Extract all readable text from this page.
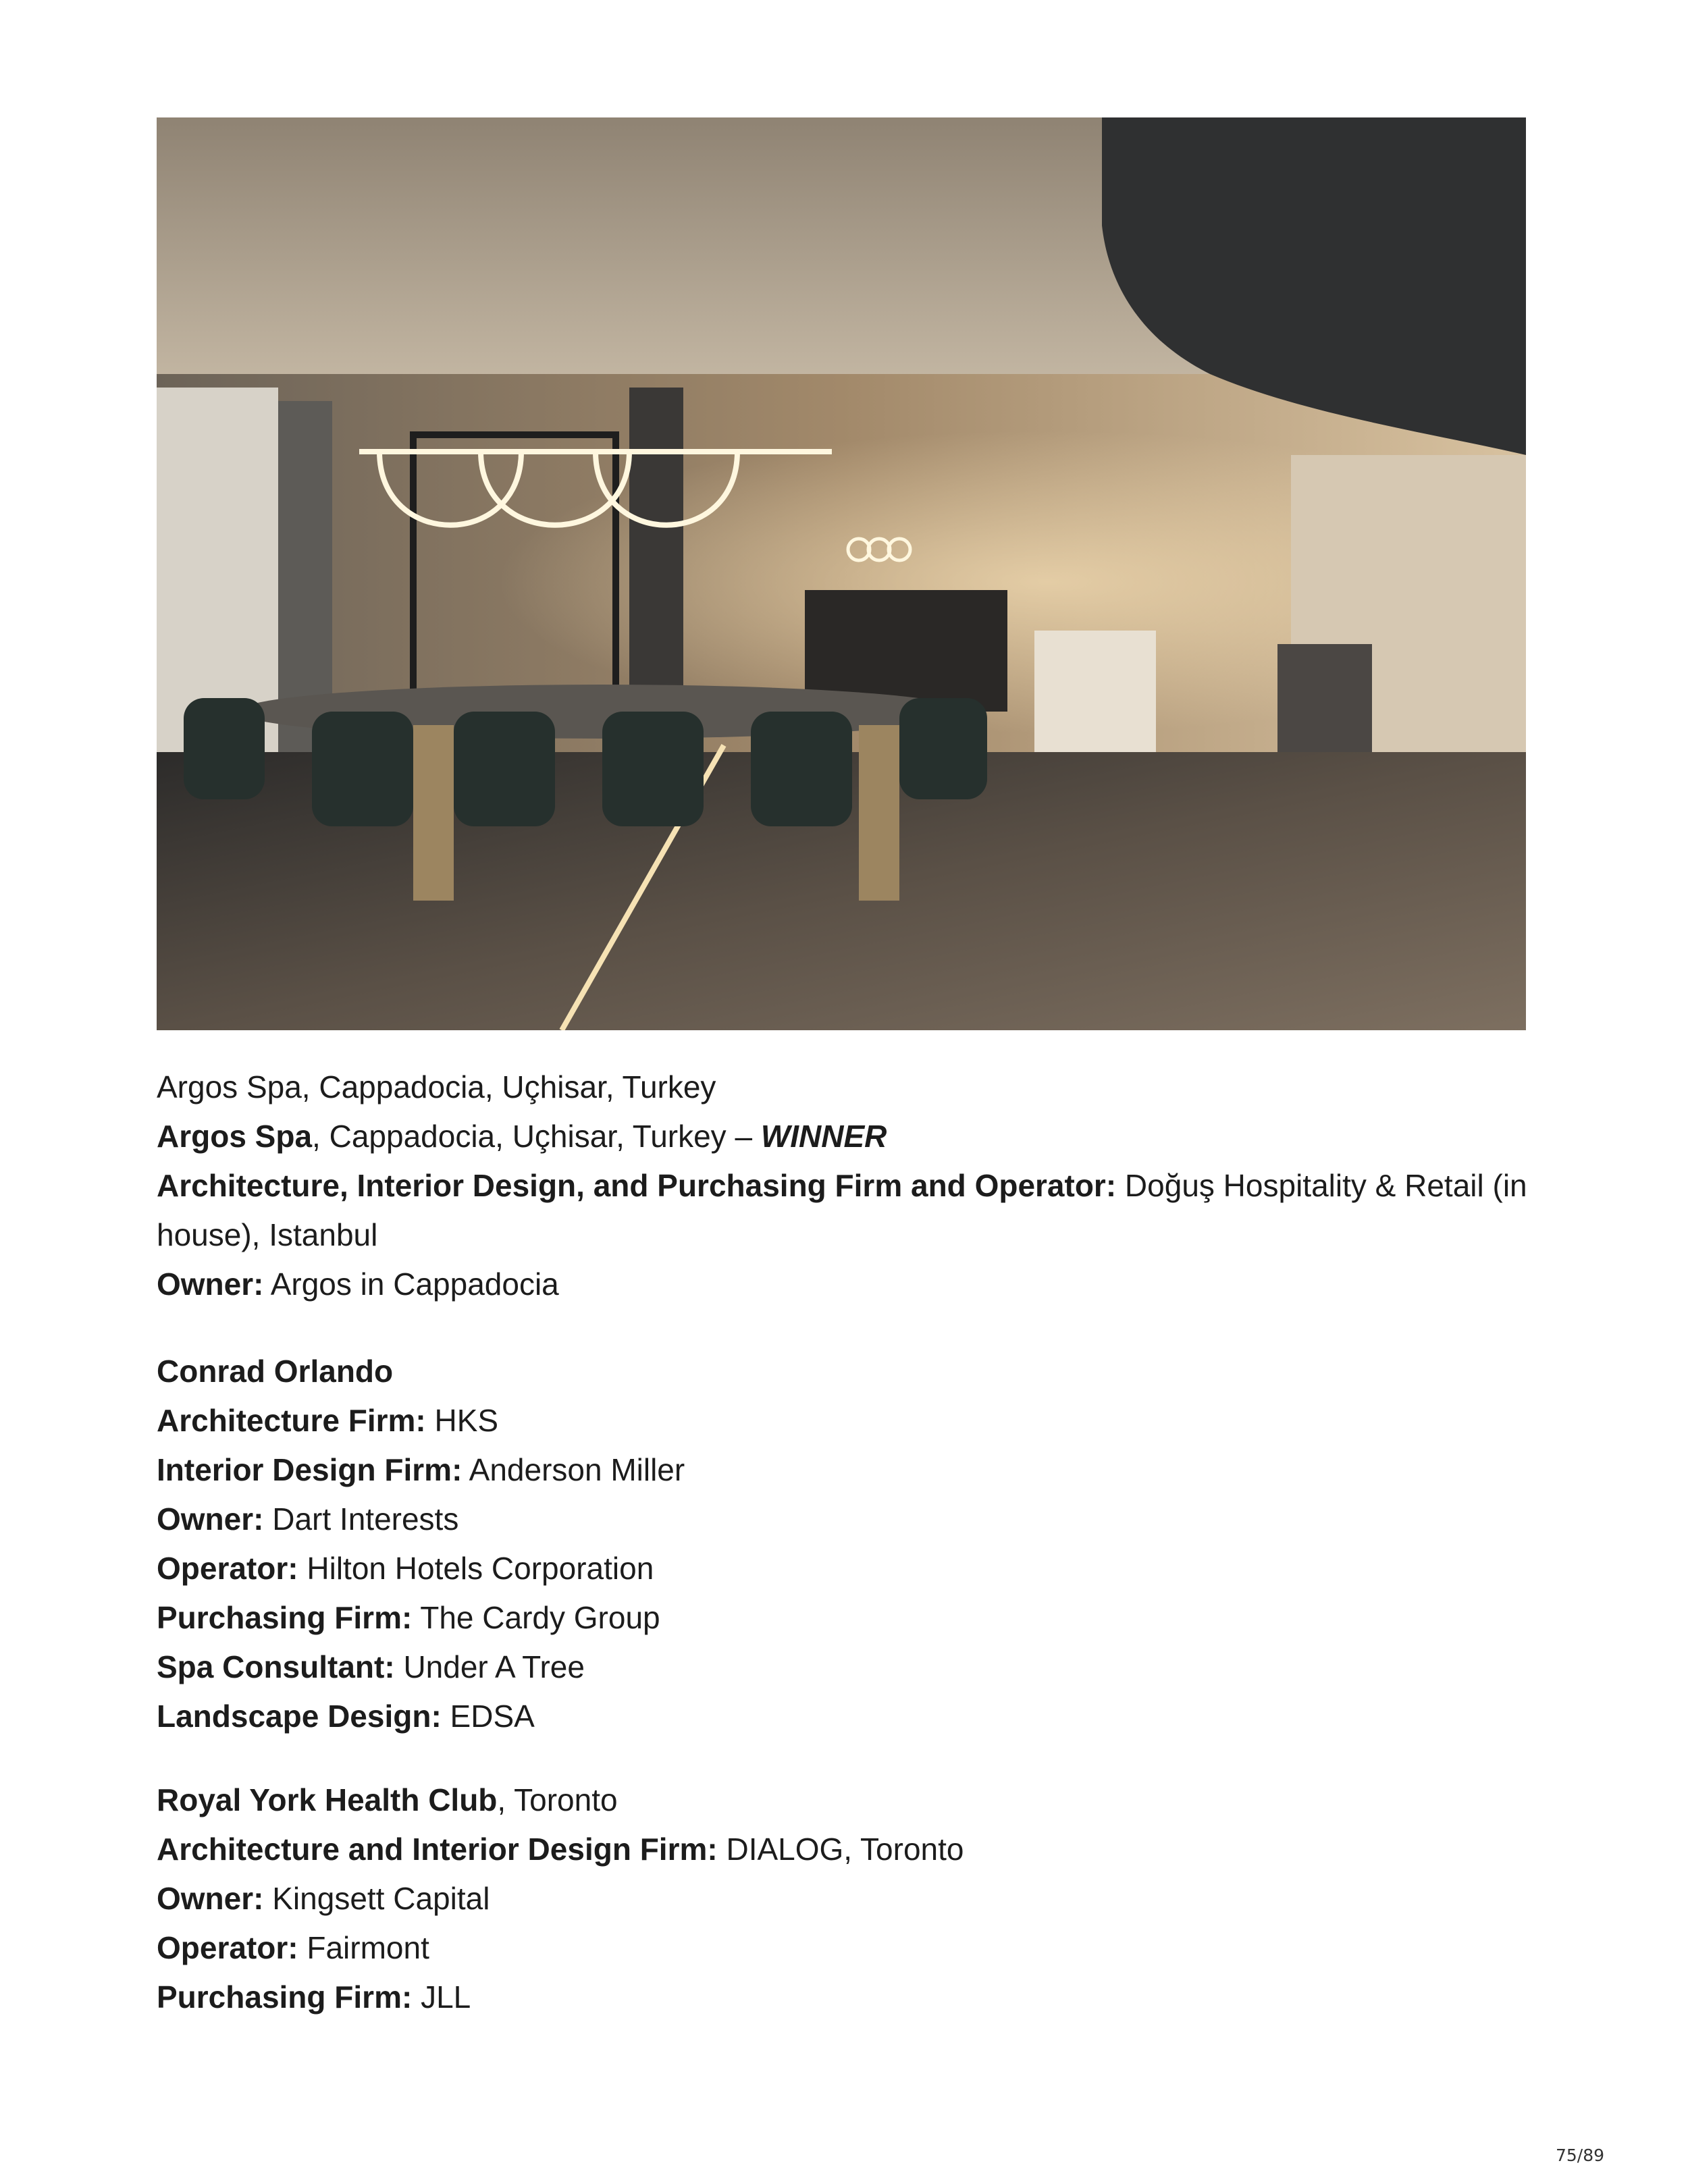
Argos Spa, Cappadocia, Uçhisar, Turkey

Argos Spa, Cappadocia, Uçhisar, Turkey – WINNER

Architecture, Interior Design, and Purchasing Firm and Operator: Doğuş Hospitality & Retail (in house), Istanbul

Owner: Argos in Cappadocia

Conrad Orlando

Architecture Firm: HKS

Interior Design Firm: Anderson Miller

Owner: Dart Interests

Operator: Hilton Hotels Corporation

Purchasing Firm: The Cardy Group

Spa Consultant: Under A Tree

Landscape Design: EDSA

Royal York Health Club, Toronto

Architecture and Interior Design Firm: DIALOG, Toronto

Owner: Kingsett Capital

Operator: Fairmont

Purchasing Firm: JLL

75/89
